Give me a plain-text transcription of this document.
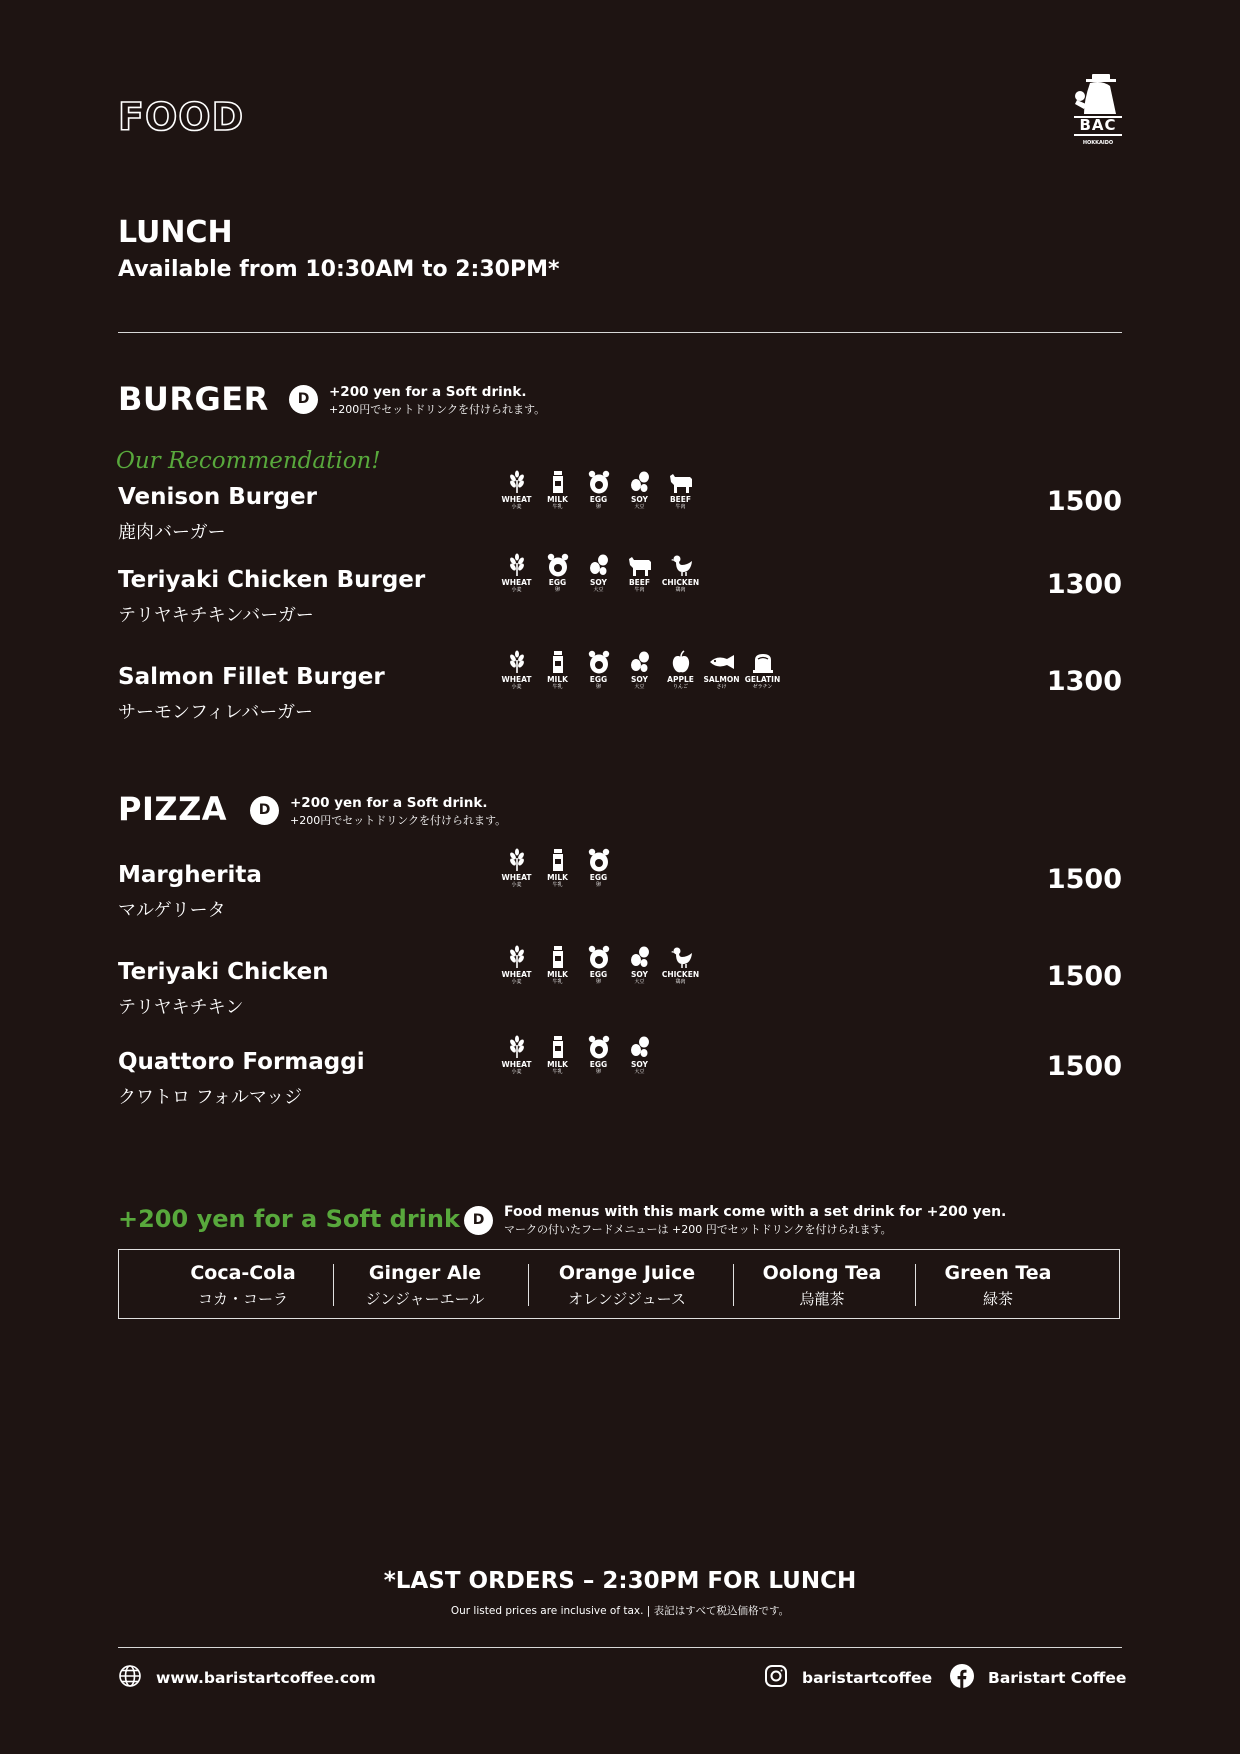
FOOD	BAC
HOKKAIDO
LUNCH
Available from 10:30AM to 2:30PM*
BURGER	D	+200 yen for a Soft drink.
+200円でセットドリンクを付けられます。
Our Recommendation!
Venison Burger
鹿肉バーガー
WHEAT
小麦
MILK
牛乳
EGG
卵
SOY
大豆
BEEF
牛肉	1500
Teriyaki Chicken Burger
テリヤキチキンバーガー
WHEAT
小麦
EGG
卵
SOY
大豆
BEEF
牛肉
CHICKEN
鶏肉	1300
Salmon Fillet Burger
サーモンフィレバーガー
WHEAT
小麦
MILK
牛乳
EGG
卵
SOY
大豆
APPLE
りんご
SALMON
さけ
GELATIN
ゼラチン	1300
PIZZA	D	+200 yen for a Soft drink.
+200円でセットドリンクを付けられます。
Margherita
マルゲリータ
WHEAT
小麦
MILK
牛乳
EGG
卵	1500
Teriyaki Chicken
テリヤキチキン
WHEAT
小麦
MILK
牛乳
EGG
卵
SOY
大豆
CHICKEN
鶏肉	1500
Quattoro Formaggi
クワトロ フォルマッジ
WHEAT
小麦
MILK
牛乳
EGG
卵
SOY
大豆	1500
+200 yen for a Soft drink D	Food menus with this mark come with a set drink for +200 yen.
マークの付いたフードメニューは +200 円でセットドリンクを付けられます。
Coca-Cola
コカ・コーラ
Ginger Ale
ジンジャーエール
Orange Juice
オレンジジュース
Oolong Tea
烏龍茶
Green Tea
緑茶
*LAST ORDERS – 2:30PM FOR LUNCH
Our listed prices are inclusive of tax. | 表記はすべて税込価格です。
www.baristartcoffee.com	baristartcoffee	Baristart Coffee
